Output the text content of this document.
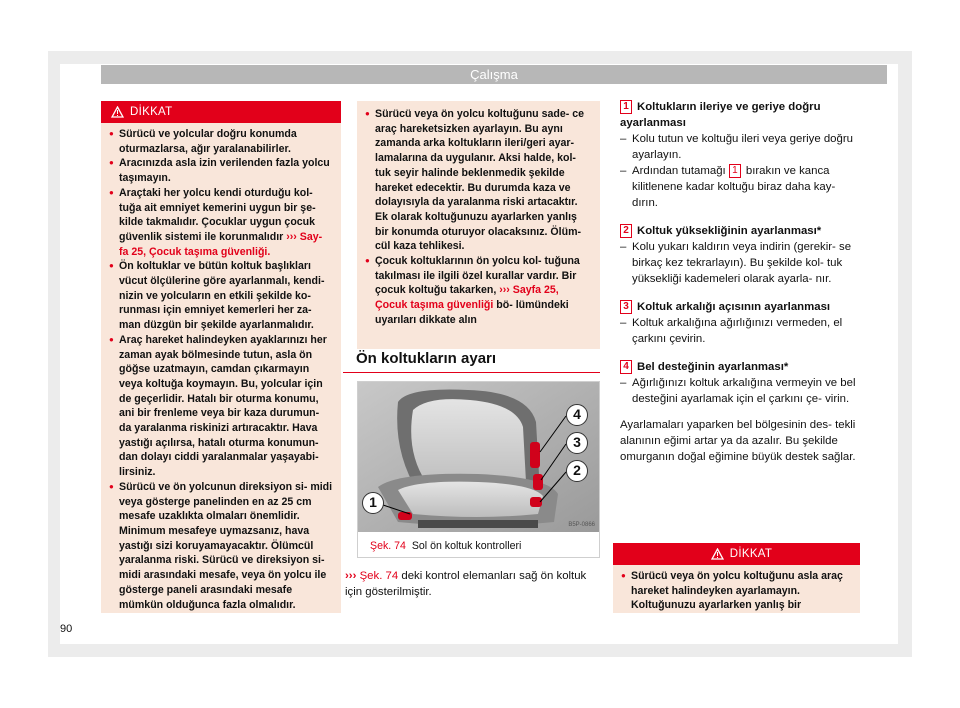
Çalışma
DİKKAT
● Sürücü ve yolcular doğru konumda oturmazlarsa, ağır yaralanabilirler.
● Aracınızda asla izin verilenden fazla yolcu taşımayın.
● Araçtaki her yolcu kendi oturduğu kol- tuğa ait emniyet kemerini uygun bir şe- kilde takmalıdır. Çocuklar uygun çocuk güvenlik sistemi ile korunmalıdır ››› Say- fa 25, Çocuk taşıma güvenliği.
● Ön koltuklar ve bütün koltuk başlıkları vücut ölçülerine göre ayarlanmalı, kendi- nizin ve yolcuların en etkili şekilde ko- runması için emniyet kemerleri her za- man düzgün bir şekilde ayarlanmalıdır.
● Araç hareket halindeyken ayaklarınızı her zaman ayak bölmesinde tutun, asla ön göğse uzatmayın, camdan çıkarmayın veya koltuğa koymayın. Bu, yolcular için de geçerlidir. Hatalı bir oturma konumu, ani bir frenleme veya bir kaza durumun- da yaralanma riskinizi artıracaktır. Hava yastığı açılırsa, hatalı oturma konumun- dan dolayı ciddi yaralanmalar yaşayabi- lirsiniz.
● Sürücü ve ön yolcunun direksiyon si- midi veya gösterge panelinden en az 25 cm mesafe uzaklıkta olmaları önemlidir. Minimum mesafeye uymazsanız, hava yastığı sizi koruyamayacaktır. Ölümcül yaralanma riski. Sürücü ve direksiyon si- midi arasındaki mesafe, veya ön yolcu ile gösterge paneli arasındaki mesafe mümkün olduğunca fazla olmalıdır.
● Sürücü veya ön yolcu koltuğunu sade- ce araç hareketsizken ayarlayın. Bu aynı zamanda arka koltukların ileri/geri ayar- lamalarına da uygulanır. Aksi halde, kol- tuk seyir halinde beklenmedik şekilde hareket edecektir. Bu durumda kaza ve dolayısıyla da yaralanma riski artacaktır. Ek olarak koltuğunuzu ayarlarken yanlış bir konumda oturuyor olacaksınız. Ölüm- cül kaza tehlikesi.
● Çocuk koltuklarının ön yolcu kol- tuğuna takılması ile ilgili özel kurallar vardır. Bir çocuk koltuğu takarken, ››› Sayfa 25, Çocuk taşıma güvenliği bö- lümündeki uyarıları dikkate alın
Ön koltukların ayarı
4
3
2
1
B5P-0866
Şek. 74 Sol ön koltuk kontrolleri
››› Şek. 74 deki kontrol elemanları sağ ön koltuk için gösterilmiştir.
1 Koltukların ileriye ve geriye doğru ayarlanması
– Kolu tutun ve koltuğu ileri veya geriye doğru ayarlayın.
– Ardından tutamağı 1 bırakın ve kanca kilitlenene kadar koltuğu biraz daha kay- dırın.
2 Koltuk yüksekliğinin ayarlanması*
– Kolu yukarı kaldırın veya indirin (gerekir- se birkaç kez tekrarlayın). Bu şekilde kol- tuk yüksekliği kademeleri olarak ayarla- nır.
3 Koltuk arkalığı açısının ayarlanması
– Koltuk arkalığına ağırlığınızı vermeden, el çarkını çevirin.
4 Bel desteğinin ayarlanması*
– Ağırlığınızı koltuk arkalığına vermeyin ve bel desteğini ayarlamak için el çarkını çe- virin.
Ayarlamaları yaparken bel bölgesinin des- tekli alanının eğimi artar ya da azalır. Bu şekilde omurganın doğal eğimine büyük destek sağlar.
DİKKAT
● Sürücü veya ön yolcu koltuğunu asla araç hareket halindeyken ayarlamayın. Koltuğunuzu ayarlarken yanlış bir
90
